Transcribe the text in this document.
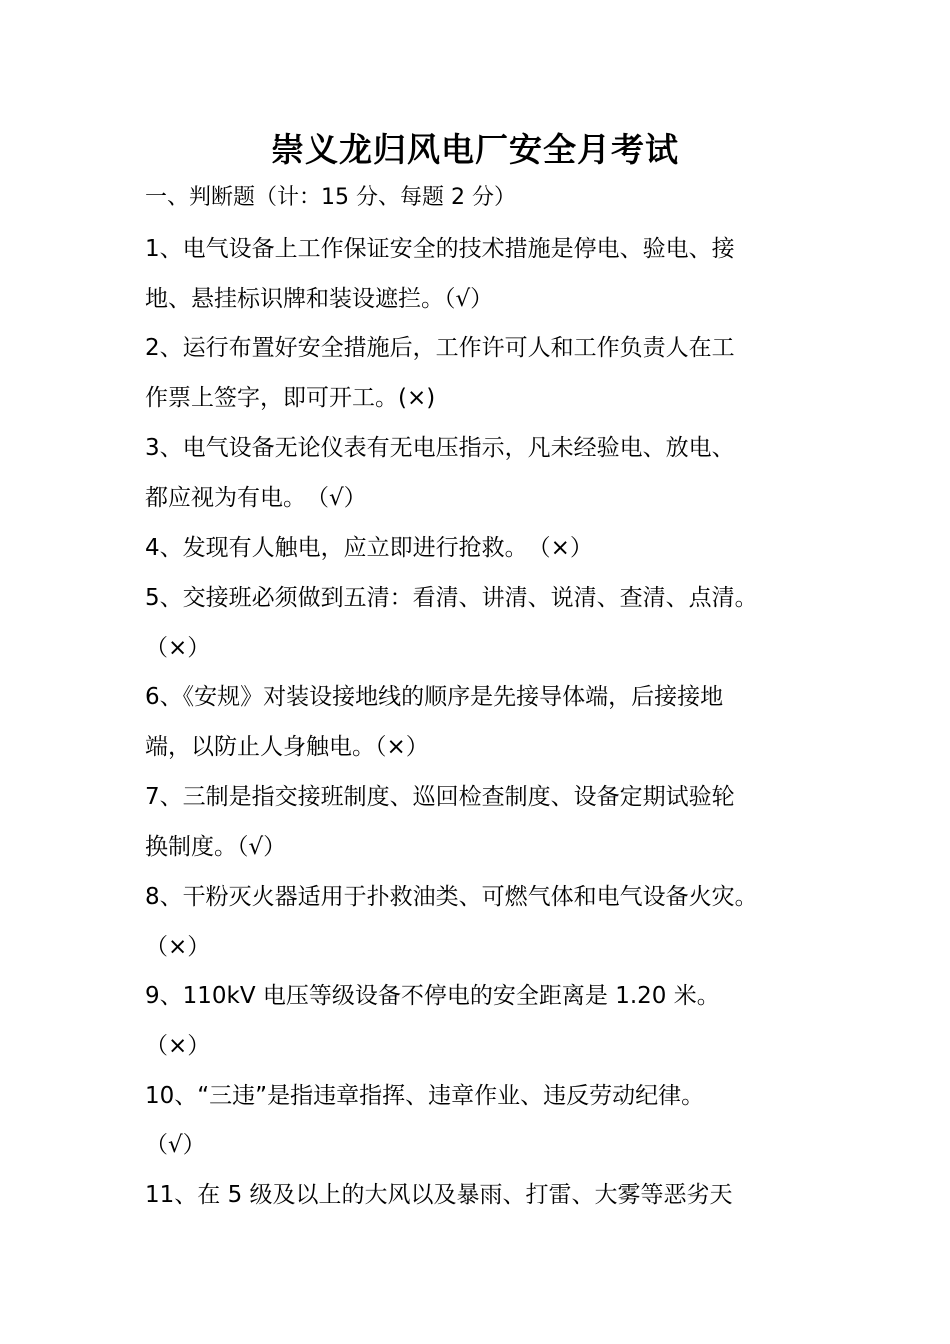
崇义龙归风电厂安全月考试
一、判断题（计：15 分、每题 2 分）
1、电气设备上工作保证安全的技术措施是停电、验电、接
地、悬挂标识牌和装设遮拦。（√）
2、运行布置好安全措施后，工作许可人和工作负责人在工
作票上签字，即可开工。(×)
3、电气设备无论仪表有无电压指示，凡未经验电、放电、
都应视为有电。　（√）
4、发现有人触电，应立即进行抢救。　（×）
5、交接班必须做到五清：看清、讲清、说清、查清、点清。
（×）
6、《安规》对装设接地线的顺序是先接导体端，后接接地
端，以防止人身触电。（×）
7、三制是指交接班制度、巡回检查制度、设备定期试验轮
换制度。（√）
8、干粉灭火器适用于扑救油类、可燃气体和电气设备火灾。
（×）
9、110kV 电压等级设备不停电的安全距离是 1.20 米。
（×）
10、“三违”是指违章指挥、违章作业、违反劳动纪律。
（√）
11、在 5 级及以上的大风以及暴雨、打雷、大雾等恶劣天
